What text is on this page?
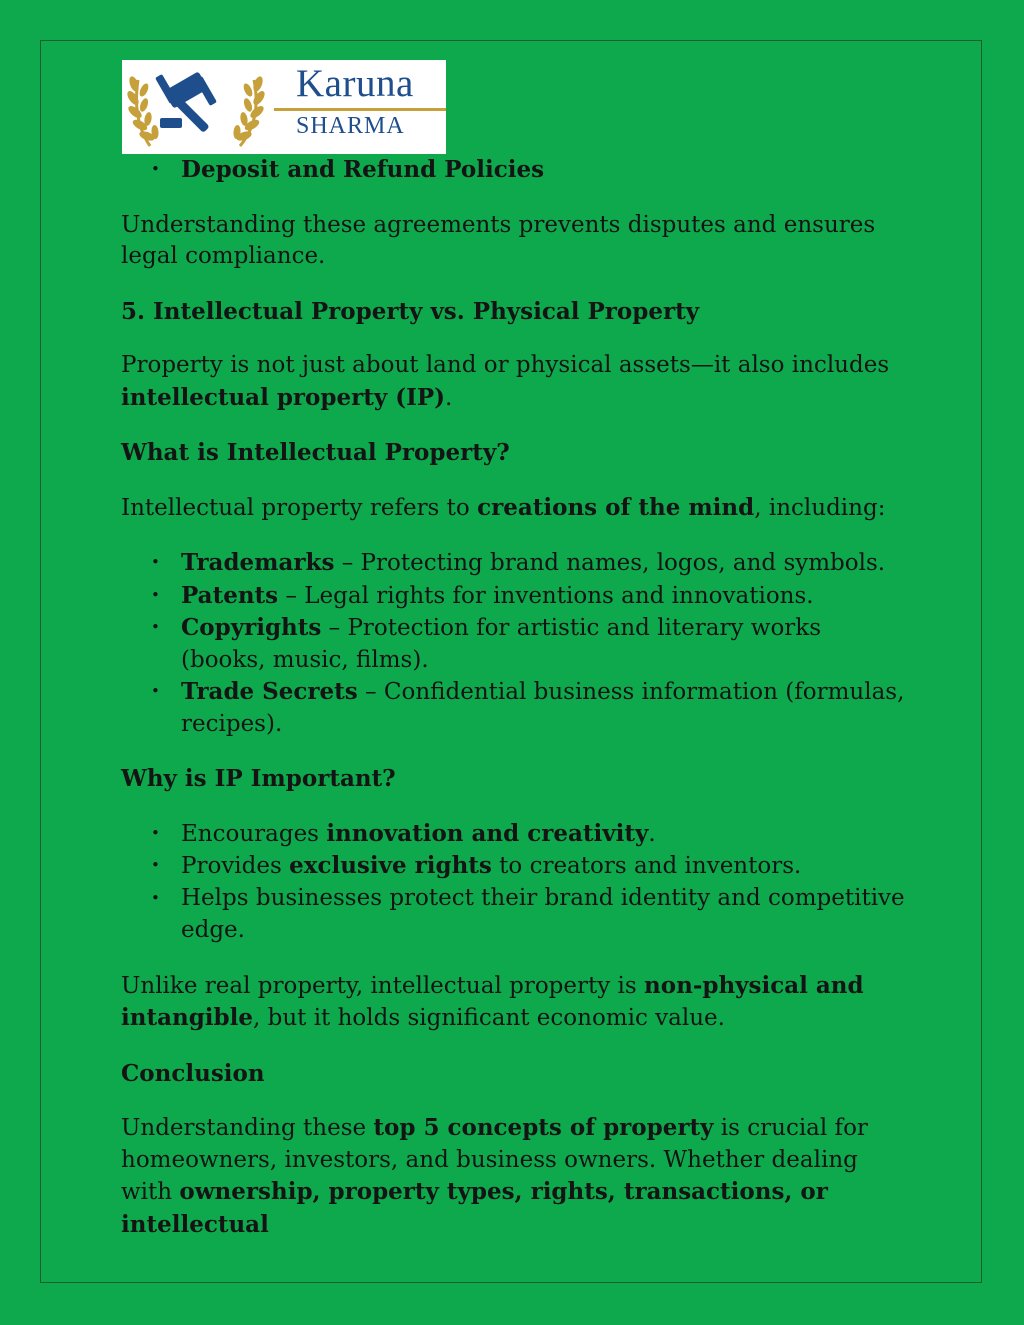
Karuna
SHARMA
• Deposit and Refund Policies

Understanding these agreements prevents disputes and ensures legal compliance.

5. Intellectual Property vs. Physical Property

Property is not just about land or physical assets—it also includes intellectual property (IP).

What is Intellectual Property?

Intellectual property refers to creations of the mind, including:

• Trademarks – Protecting brand names, logos, and symbols.
• Patents – Legal rights for inventions and innovations.
• Copyrights – Protection for artistic and literary works (books, music, films).
• Trade Secrets – Confidential business information (formulas, recipes).
Why is IP Important?
• Encourages innovation and creativity.
• Provides exclusive rights to creators and inventors.
• Helps businesses protect their brand identity and competitive edge.

Unlike real property, intellectual property is non-physical and intangible, but it holds significant economic value.

Conclusion

Understanding these top 5 concepts of property is crucial for homeowners, investors, and business owners. Whether dealing with ownership, property types, rights, transactions, or intellectual
